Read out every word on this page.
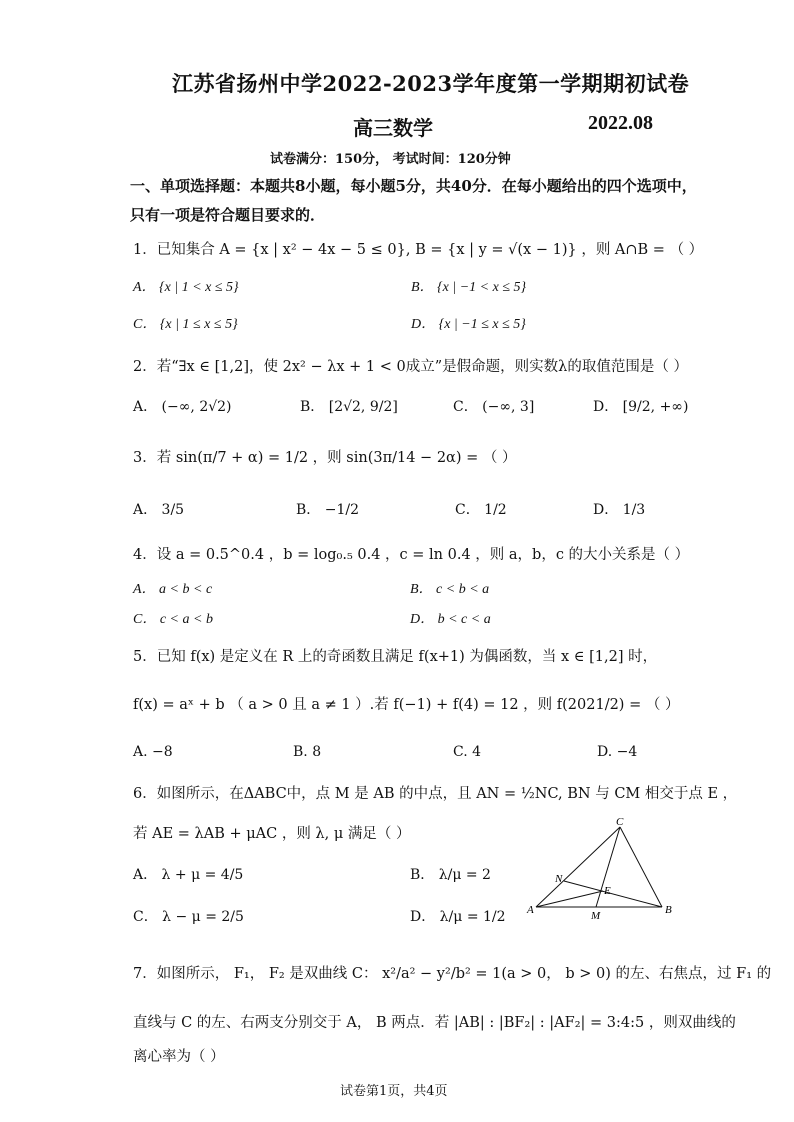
江苏省扬州中学2022-2023学年度第一学期期初试卷
高三数学	2022.08
试卷满分：150分， 考试时间：120分钟
一、单项选择题：本题共8小题，每小题5分，共40分．在每小题给出的四个选项中，
只有一项是符合题目要求的．
1．已知集合 A = {x | x² − 4x − 5 ≤ 0}, B = {x | y = √(x − 1)} ，则 A∩B = （ ）
A． {x | 1 < x ≤ 5}	B． {x | −1 < x ≤ 5}
C． {x | 1 ≤ x ≤ 5}	D． {x | −1 ≤ x ≤ 5}
2．若“∃x ∈ [1,2]，使 2x² − λx + 1 < 0成立”是假命题，则实数λ的取值范围是（ ）
A． (−∞, 2√2)	B． [2√2, 9/2]	C． (−∞, 3]	D． [9/2, +∞)
3．若 sin(π/7 + α) = 1/2 ，则 sin(3π/14 − 2α) = （ ）
A． 3/5	B． −1/2	C． 1/2	D． 1/3
4．设 a = 0.5^0.4 ，b = log₀.₅ 0.4 ，c = ln 0.4 ，则 a，b，c 的大小关系是（ ）
A． a < b < c	B． c < b < a
C． c < a < b	D． b < c < a
5．已知 f(x) 是定义在 R 上的奇函数且满足 f(x+1) 为偶函数，当 x ∈ [1,2] 时，
f(x) = aˣ + b （ a > 0 且 a ≠ 1 ）.若 f(−1) + f(4) = 12 ，则 f(2021/2) = （ ）
A. −8	B. 8	C. 4	D. −4
6．如图所示，在ΔABC中，点 M 是 AB 的中点，且 AN = ½NC, BN 与 CM 相交于点 E ，
若 AE = λAB + μAC ，则 λ, μ 满足（ ）
A． λ + μ = 4/5	B． λ/μ = 2
C． λ − μ = 2/5	D． λ/μ = 1/2
C
N
E
A	M	B
7．如图所示， F₁， F₂ 是双曲线 C： x²/a² − y²/b² = 1(a > 0， b > 0) 的左、右焦点，过 F₁ 的
直线与 C 的左、右两支分别交于 A， B 两点．若 |AB| : |BF₂| : |AF₂| = 3:4:5 ，则双曲线的
离心率为（ ）
试卷第1页，共4页
